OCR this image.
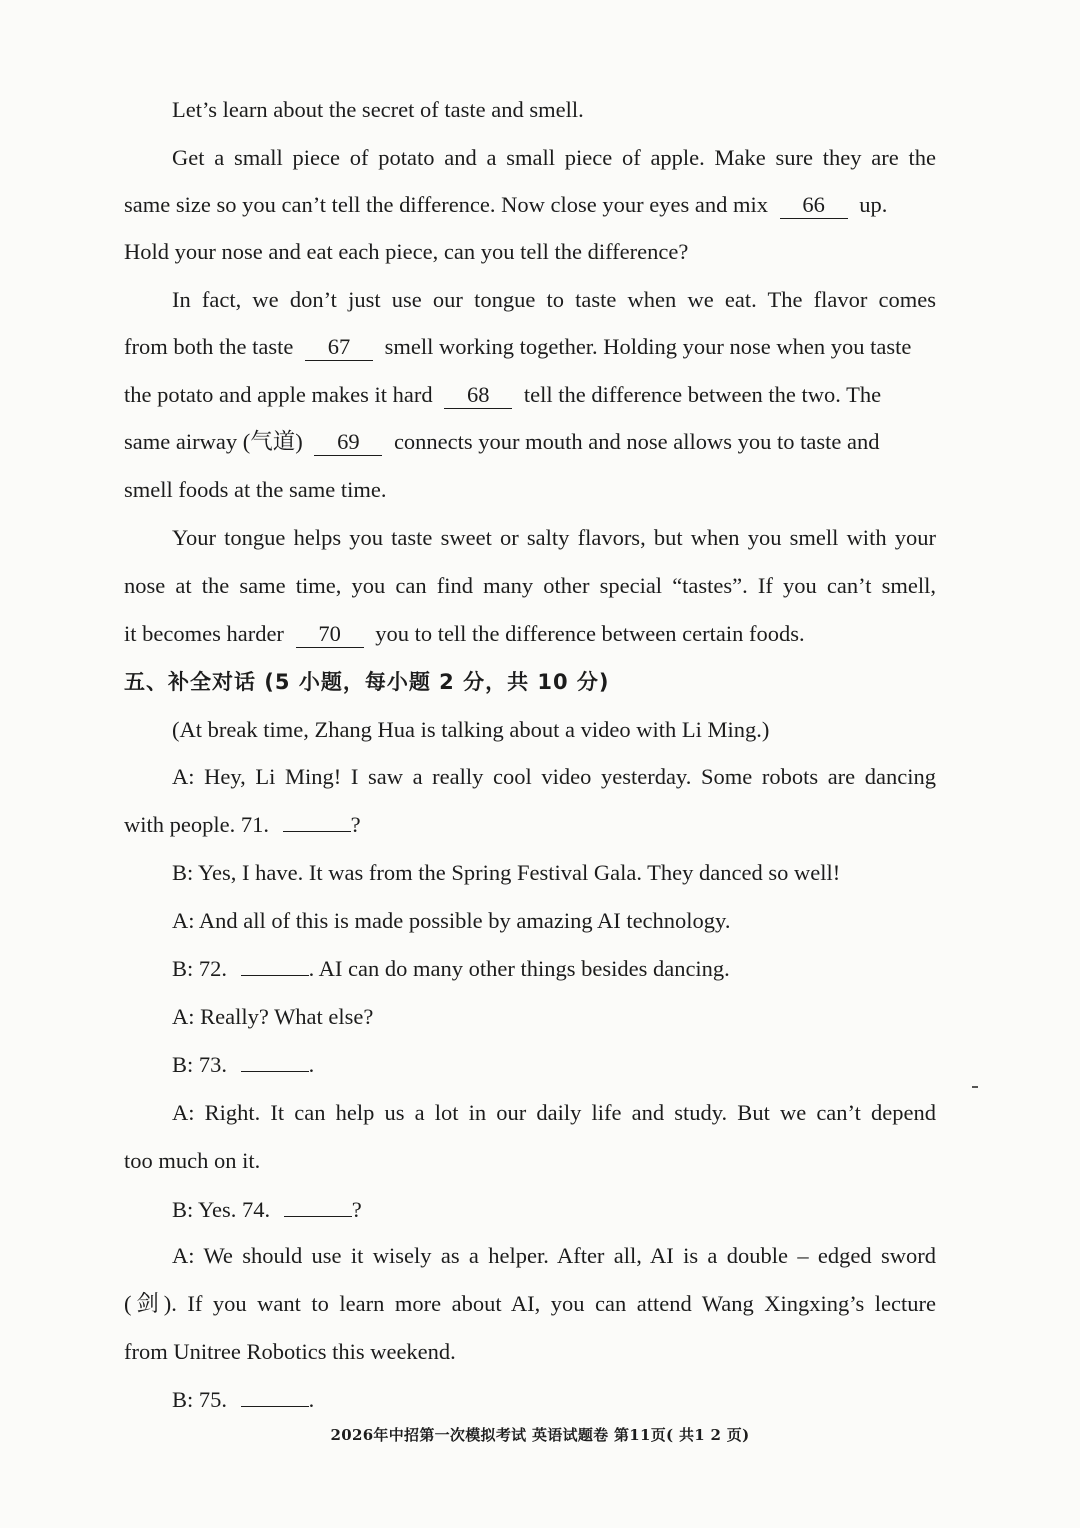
Let’s learn about the secret of taste and smell.
Get a small piece of potato and a small piece of apple. Make sure they are the
same size so you can’t tell the difference. Now close your eyes and mix 66 up.
Hold your nose and eat each piece, can you tell the difference?
In fact, we don’t just use our tongue to taste when we eat. The flavor comes
from both the taste 67 smell working together. Holding your nose when you taste
the potato and apple makes it hard 68 tell the difference between the two. The
same airway (气道) 69 connects your mouth and nose allows you to taste and
smell foods at the same time.
Your tongue helps you taste sweet or salty flavors, but when you smell with your
nose at the same time, you can find many other special “tastes”. If you can’t smell,
it becomes harder 70 you to tell the difference between certain foods.
五、补全对话 (5 小题，每小题 2 分，共 10 分)
(At break time, Zhang Hua is talking about a video with Li Ming.)
A: Hey, Li Ming! I saw a really cool video yesterday. Some robots are dancing
with people. 71.	?
B: Yes, I have. It was from the Spring Festival Gala. They danced so well!
A: And all of this is made possible by amazing AI technology.
B: 72.	. AI can do many other things besides dancing.
A: Really? What else?
B: 73.	.
A: Right. It can help us a lot in our daily life and study. But we can’t depend
too much on it.
B: Yes. 74.	?
A: We should use it wisely as a helper. After all, AI is a double – edged sword
(剑). If you want to learn more about AI, you can attend Wang Xingxing’s lecture
from Unitree Robotics this weekend.
B: 75.	.
2026年中招第一次模拟考试 英语试题卷 第11页( 共1 2 页)
